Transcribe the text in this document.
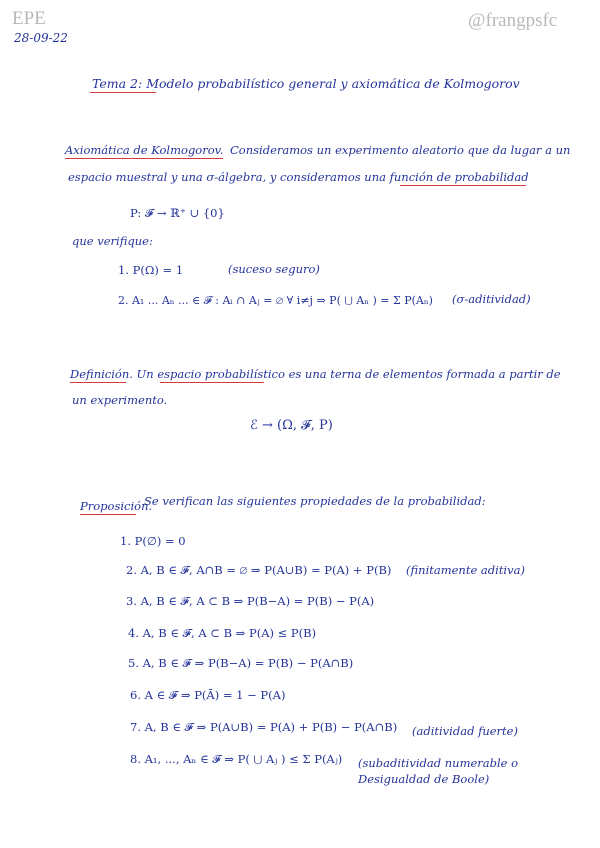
EPE	@frangpsfc
28-09-22
Tema 2: Modelo probabilístico general y axiomática de Kolmogorov
Axiomática de Kolmogorov. Consideramos un experimento aleatorio que da lugar a un
espacio muestral y una σ-álgebra, y consideramos una función de probabilidad
P: 𝓕 → ℝ⁺ ∪ {0}
que verifique:
1. P(Ω) = 1	(suceso seguro)
2. A₁ ... Aₙ ... ∈ 𝓕 : Aᵢ ∩ Aⱼ = ∅ ∀ i≠j ⇒ P( ⋃ Aₙ ) = Σ P(Aₙ) (σ-aditividad)
Definición. Un espacio probabilístico es una terna de elementos formada a partir de
un experimento.
ℰ → (Ω, 𝓕, P)
Proposición.
Se verifican las siguientes propiedades de la probabilidad:
1. P(∅) = 0
2. A, B ∈ 𝓕, A∩B = ∅ ⇒ P(A∪B) = P(A) + P(B) (finitamente aditiva)
3. A, B ∈ 𝓕, A ⊂ B ⇒ P(B−A) = P(B) − P(A)
4. A, B ∈ 𝓕, A ⊂ B ⇒ P(A) ≤ P(B)
5. A, B ∈ 𝓕 ⇒ P(B−A) = P(B) − P(A∩B)
6. A ∈ 𝓕 ⇒ P(Ā) = 1 − P(A)
7. A, B ∈ 𝓕 ⇒ P(A∪B) = P(A) + P(B) − P(A∩B) (aditividad fuerte)
8. A₁, ..., Aₙ ∈ 𝓕 ⇒ P( ⋃ Aⱼ ) ≤ Σ P(Aⱼ) (subaditividad numerable o
Desigualdad de Boole)
